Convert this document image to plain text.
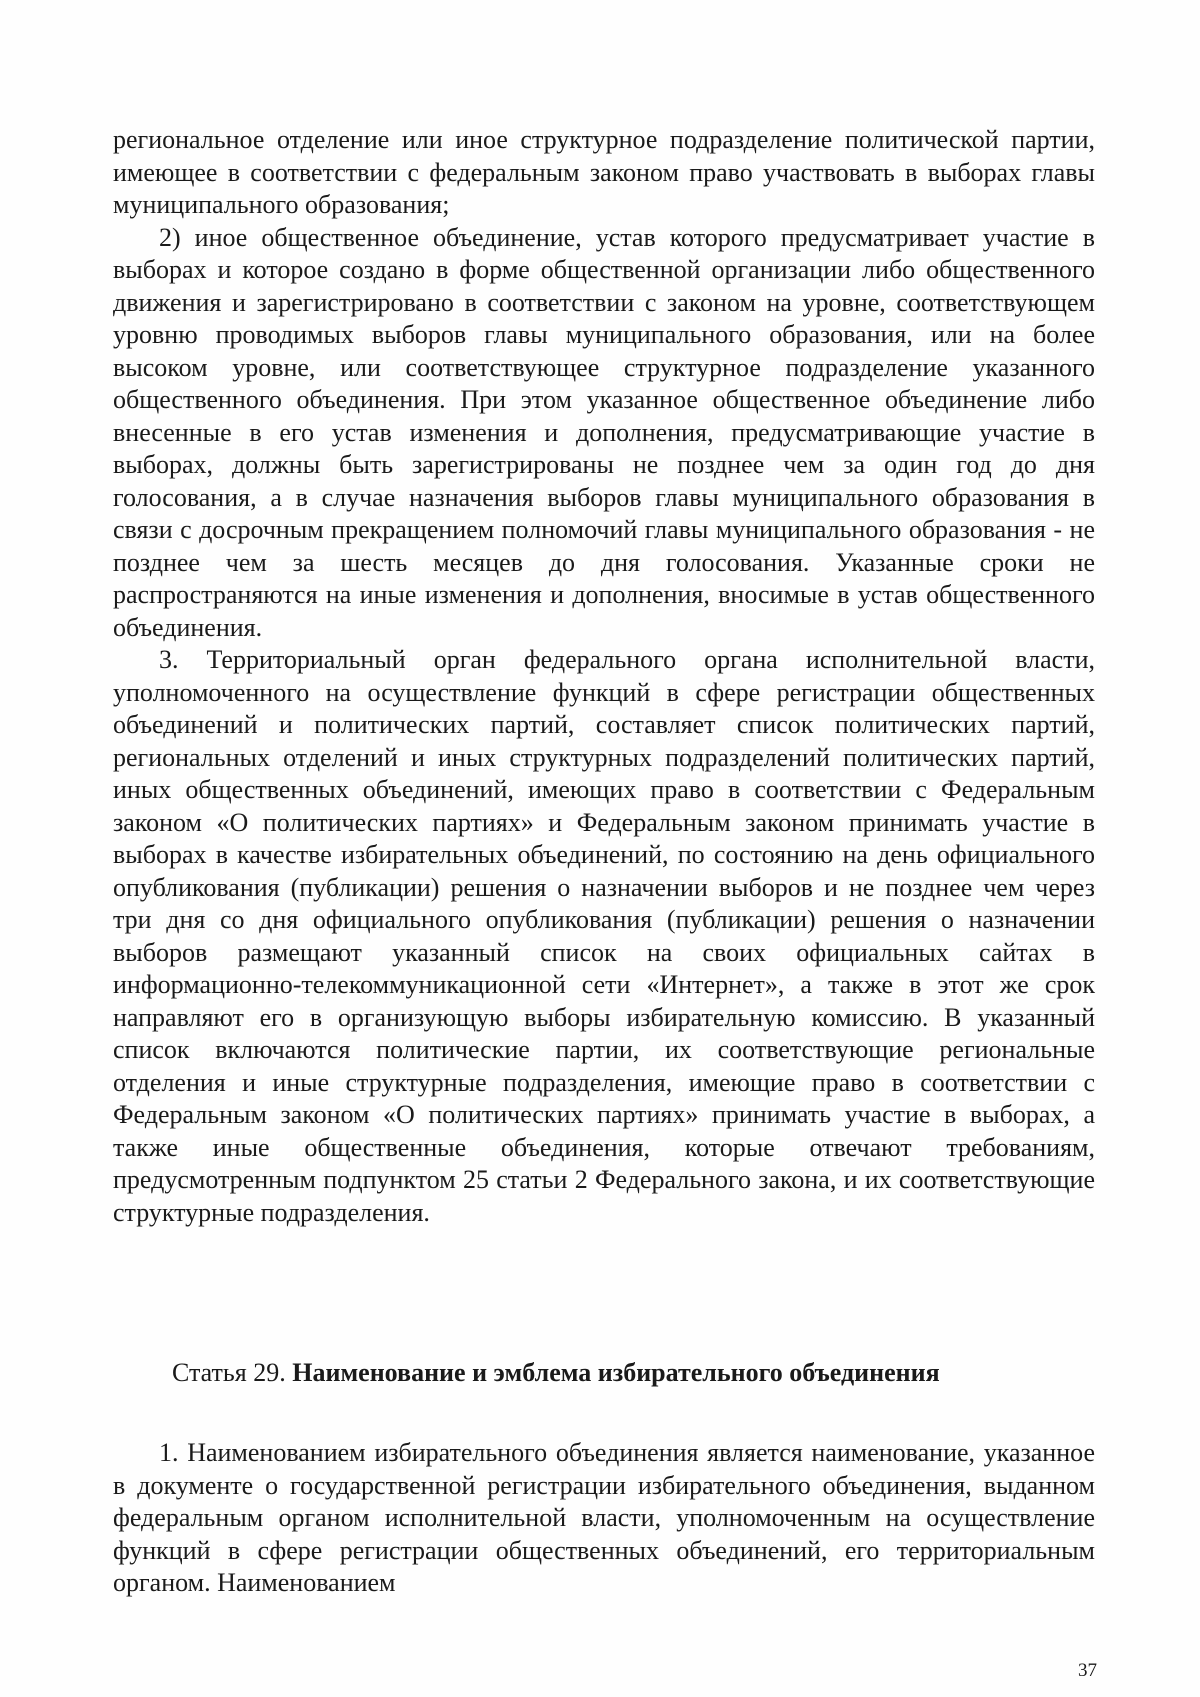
региональное отделение или иное структурное подразделение политической партии, имеющее в соответствии с федеральным законом право участвовать в выборах главы муниципального образования;

2) иное общественное объединение, устав которого предусматривает участие в выборах и которое создано в форме общественной организации либо общественного движения и зарегистрировано в соответствии с законом на уровне, соответствующем уровню проводимых выборов главы муниципального образования, или на более высоком уровне, или соответствующее структурное подразделение указанного общественного объединения. При этом указанное общественное объединение либо внесенные в его устав изменения и дополнения, предусматривающие участие в выборах, должны быть зарегистрированы не позднее чем за один год до дня голосования, а в случае назначения выборов главы муниципального образования в связи с досрочным прекращением полномочий главы муниципального образования - не позднее чем за шесть месяцев до дня голосования. Указанные сроки не распространяются на иные изменения и дополнения, вносимые в устав общественного объединения.

3. Территориальный орган федерального органа исполнительной власти, уполномоченного на осуществление функций в сфере регистрации общественных объединений и политических партий, составляет список политических партий, региональных отделений и иных структурных подразделений политических партий, иных общественных объединений, имеющих право в соответствии с Федеральным законом «О политических партиях» и Федеральным законом принимать участие в выборах в качестве избирательных объединений, по состоянию на день официального опубликования (публикации) решения о назначении выборов и не позднее чем через три дня со дня официального опубликования (публикации) решения о назначении выборов размещают указанный список на своих официальных сайтах в информационно-телекоммуникационной сети «Интернет», а также в этот же срок направляют его в организующую выборы избирательную комиссию. В указанный список включаются политические партии, их соответствующие региональные отделения и иные структурные подразделения, имеющие право в соответствии с Федеральным законом «О политических партиях» принимать участие в выборах, а также иные общественные объединения, которые отвечают требованиям, предусмотренным подпунктом 25 статьи 2 Федерального закона, и их соответствующие структурные подразделения.

Статья 29. Наименование и эмблема избирательного объединения

1. Наименованием избирательного объединения является наименование, указанное в документе о государственной регистрации избирательного объединения, выданном федеральным органом исполнительной власти, уполномоченным на осуществление функций в сфере регистрации общественных объединений, его территориальным органом. Наименованием

37
